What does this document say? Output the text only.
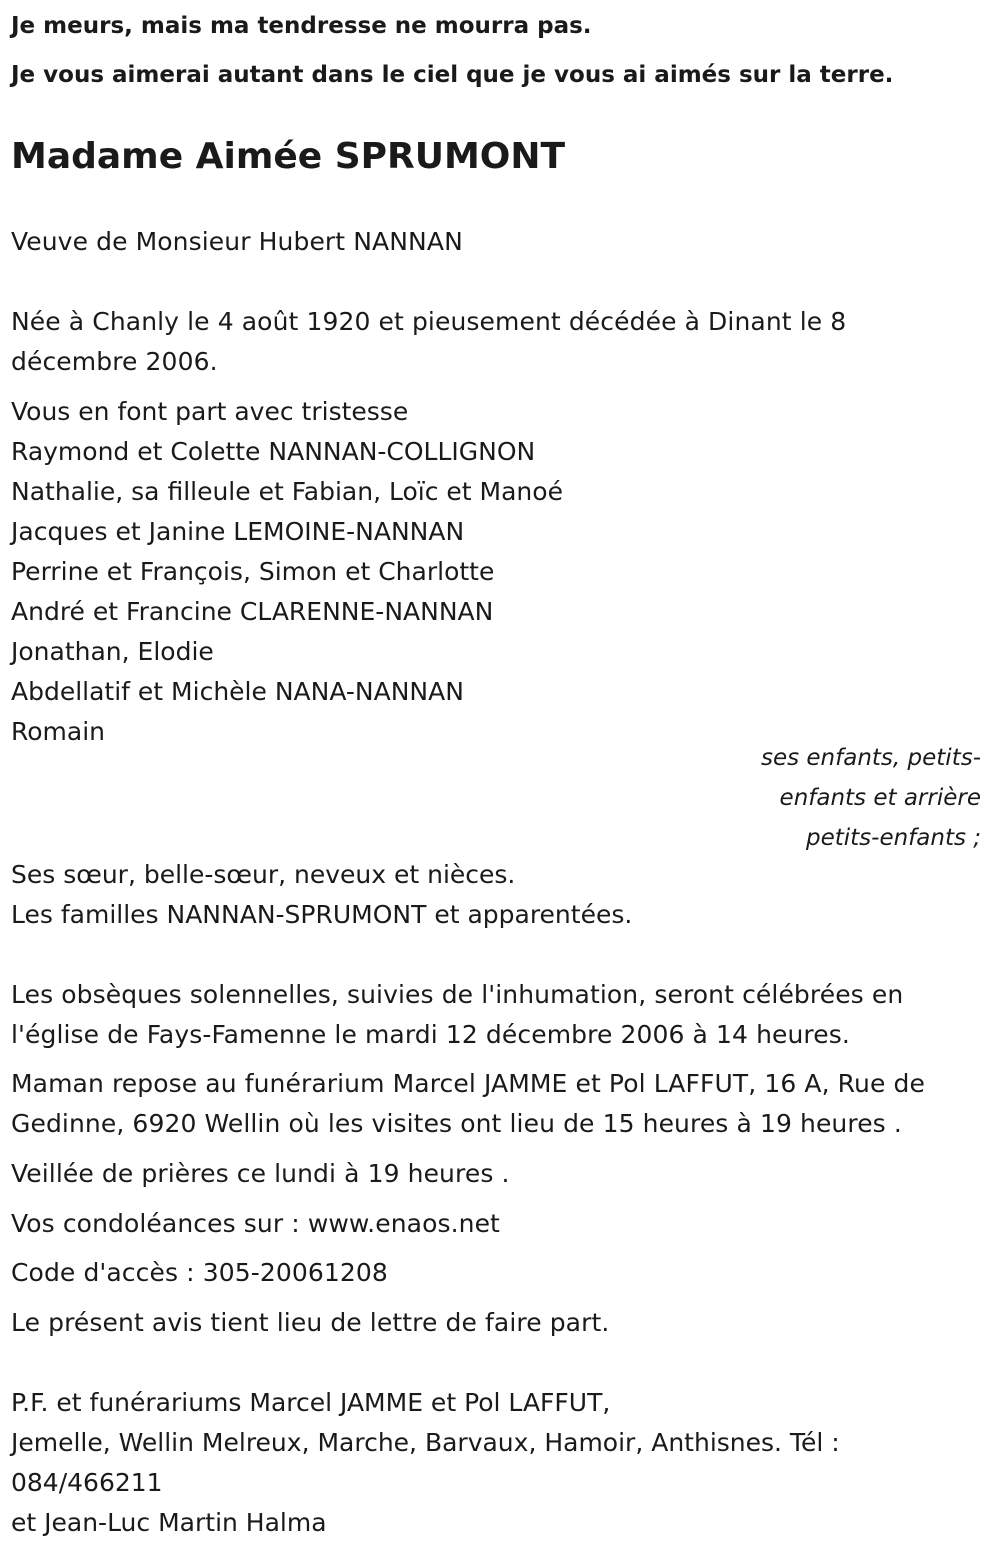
Je meurs, mais ma tendresse ne mourra pas.

Je vous aimerai autant dans le ciel que je vous ai aimés sur la terre.

Madame Aimée SPRUMONT

Veuve de Monsieur Hubert NANNAN

Née à Chanly le 4 août 1920 et pieusement décédée à Dinant le 8 décembre 2006.

Vous en font part avec tristesse
Raymond et Colette NANNAN-COLLIGNON
Nathalie, sa filleule et Fabian, Loïc et Manoé
Jacques et Janine LEMOINE-NANNAN
Perrine et François, Simon et Charlotte
André et Francine CLARENNE-NANNAN
Jonathan, Elodie
Abdellatif et Michèle NANA-NANNAN
Romain
ses enfants, petits-enfants et arrière petits-enfants ;
Ses sœur, belle-sœur, neveux et nièces.
Les familles NANNAN-SPRUMONT et apparentées.

Les obsèques solennelles, suivies de l'inhumation, seront célébrées en l'église de Fays-Famenne le mardi 12 décembre 2006 à 14 heures.

Maman repose au funérarium Marcel JAMME et Pol LAFFUT, 16 A, Rue de Gedinne, 6920 Wellin où les visites ont lieu de 15 heures à 19 heures .

Veillée de prières ce lundi à 19 heures .

Vos condoléances sur : www.enaos.net

Code d'accès : 305-20061208

Le présent avis tient lieu de lettre de faire part.

P.F. et funérariums Marcel JAMME et Pol LAFFUT,
Jemelle, Wellin Melreux, Marche, Barvaux, Hamoir, Anthisnes. Tél : 084/466211
et Jean-Luc Martin Halma
